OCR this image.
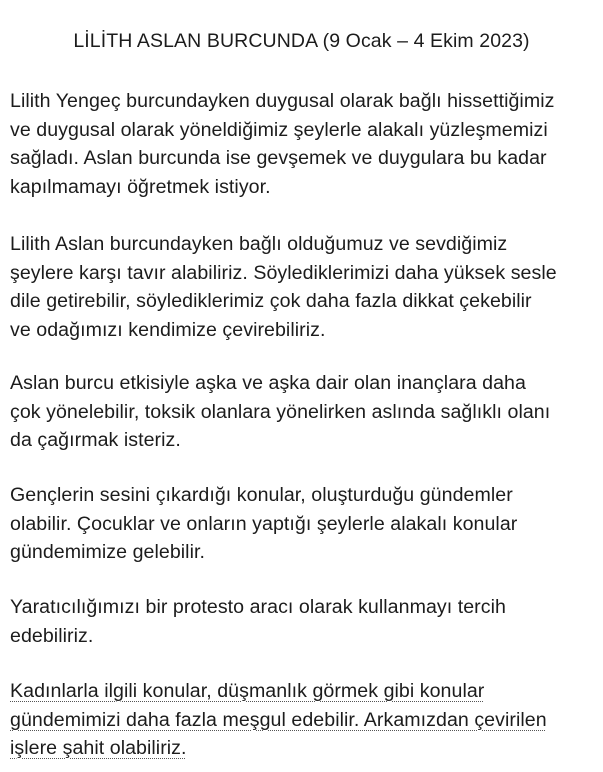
LİLİTH ASLAN BURCUNDA (9 Ocak – 4 Ekim 2023)

Lilith Yengeç burcundayken duygusal olarak bağlı hissettiğimiz
ve duygusal olarak yöneldiğimiz şeylerle alakalı yüzleşmemizi
sağladı. Aslan burcunda ise gevşemek ve duygulara bu kadar
kapılmamayı öğretmek istiyor.

Lilith Aslan burcundayken bağlı olduğumuz ve sevdiğimiz
şeylere karşı tavır alabiliriz. Söylediklerimizi daha yüksek sesle
dile getirebilir, söylediklerimiz çok daha fazla dikkat çekebilir
ve odağımızı kendimize çevirebiliriz.

Aslan burcu etkisiyle aşka ve aşka dair olan inançlara daha
çok yönelebilir, toksik olanlara yönelirken aslında sağlıklı olanı
da çağırmak isteriz.

Gençlerin sesini çıkardığı konular, oluşturduğu gündemler
olabilir. Çocuklar ve onların yaptığı şeylerle alakalı konular
gündemimize gelebilir.

Yaratıcılığımızı bir protesto aracı olarak kullanmayı tercih
edebiliriz.

Kadınlarla ilgili konular, düşmanlık görmek gibi konular
gündemimizi daha fazla meşgul edebilir. Arkamızdan çevirilen
işlere şahit olabiliriz.
